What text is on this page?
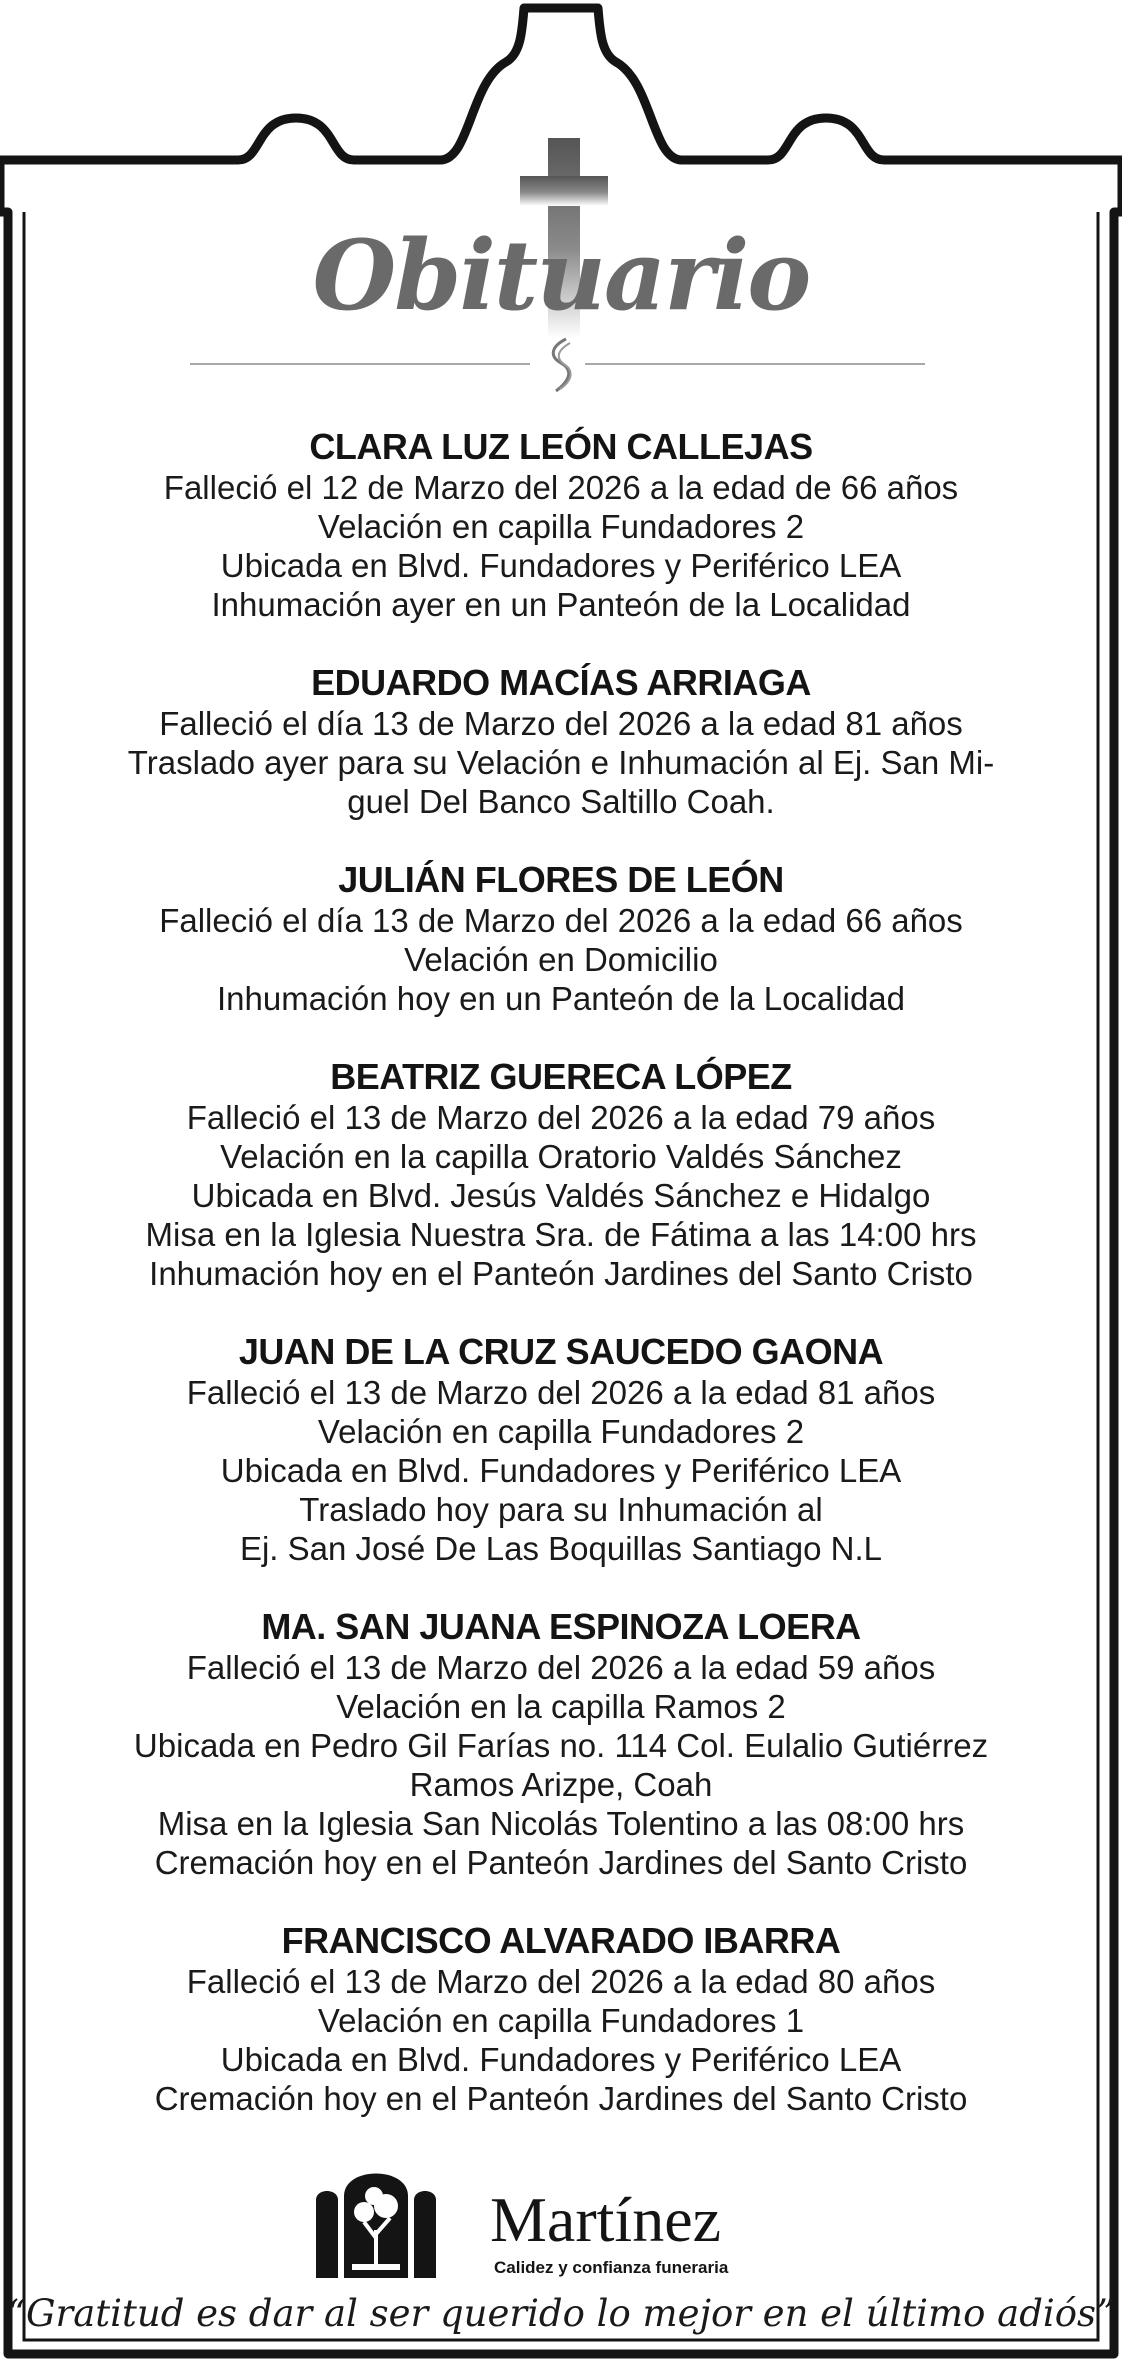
Obituario
CLARA LUZ LEÓN CALLEJAS
Falleció el 12 de Marzo del 2026 a la edad de 66 años
Velación en capilla Fundadores 2
Ubicada en Blvd. Fundadores y Periférico LEA
Inhumación ayer en un Panteón de la Localidad
EDUARDO MACÍAS ARRIAGA
Falleció el día 13 de Marzo del 2026 a la edad 81 años
Traslado ayer para su Velación e Inhumación al Ej. San Mi-
guel Del Banco Saltillo Coah.
JULIÁN FLORES DE LEÓN
Falleció el día 13 de Marzo del 2026 a la edad 66 años
Velación en Domicilio
Inhumación hoy en un Panteón de la Localidad
BEATRIZ GUERECA LÓPEZ
Falleció el 13 de Marzo del 2026 a la edad 79 años
Velación en la capilla Oratorio Valdés Sánchez
Ubicada en Blvd. Jesús Valdés Sánchez e Hidalgo
Misa en la Iglesia Nuestra Sra. de Fátima a las 14:00 hrs
Inhumación hoy en el Panteón Jardines del Santo Cristo
JUAN DE LA CRUZ SAUCEDO GAONA
Falleció el 13 de Marzo del 2026 a la edad 81 años
Velación en capilla Fundadores 2
Ubicada en Blvd. Fundadores y Periférico LEA
Traslado hoy para su Inhumación al
Ej. San José De Las Boquillas Santiago N.L
MA. SAN JUANA ESPINOZA LOERA
Falleció el 13 de Marzo del 2026 a la edad 59 años
Velación en la capilla Ramos 2
Ubicada en Pedro Gil Farías no. 114 Col. Eulalio Gutiérrez
Ramos Arizpe, Coah
Misa en la Iglesia San Nicolás Tolentino a las 08:00 hrs
Cremación hoy en el Panteón Jardines del Santo Cristo
FRANCISCO ALVARADO IBARRA
Falleció el 13 de Marzo del 2026 a la edad 80 años
Velación en capilla Fundadores 1
Ubicada en Blvd. Fundadores y Periférico LEA
Cremación hoy en el Panteón Jardines del Santo Cristo
Martínez
Calidez y confianza funeraria
“Gratitud es dar al ser querido lo mejor en el último adiós”
